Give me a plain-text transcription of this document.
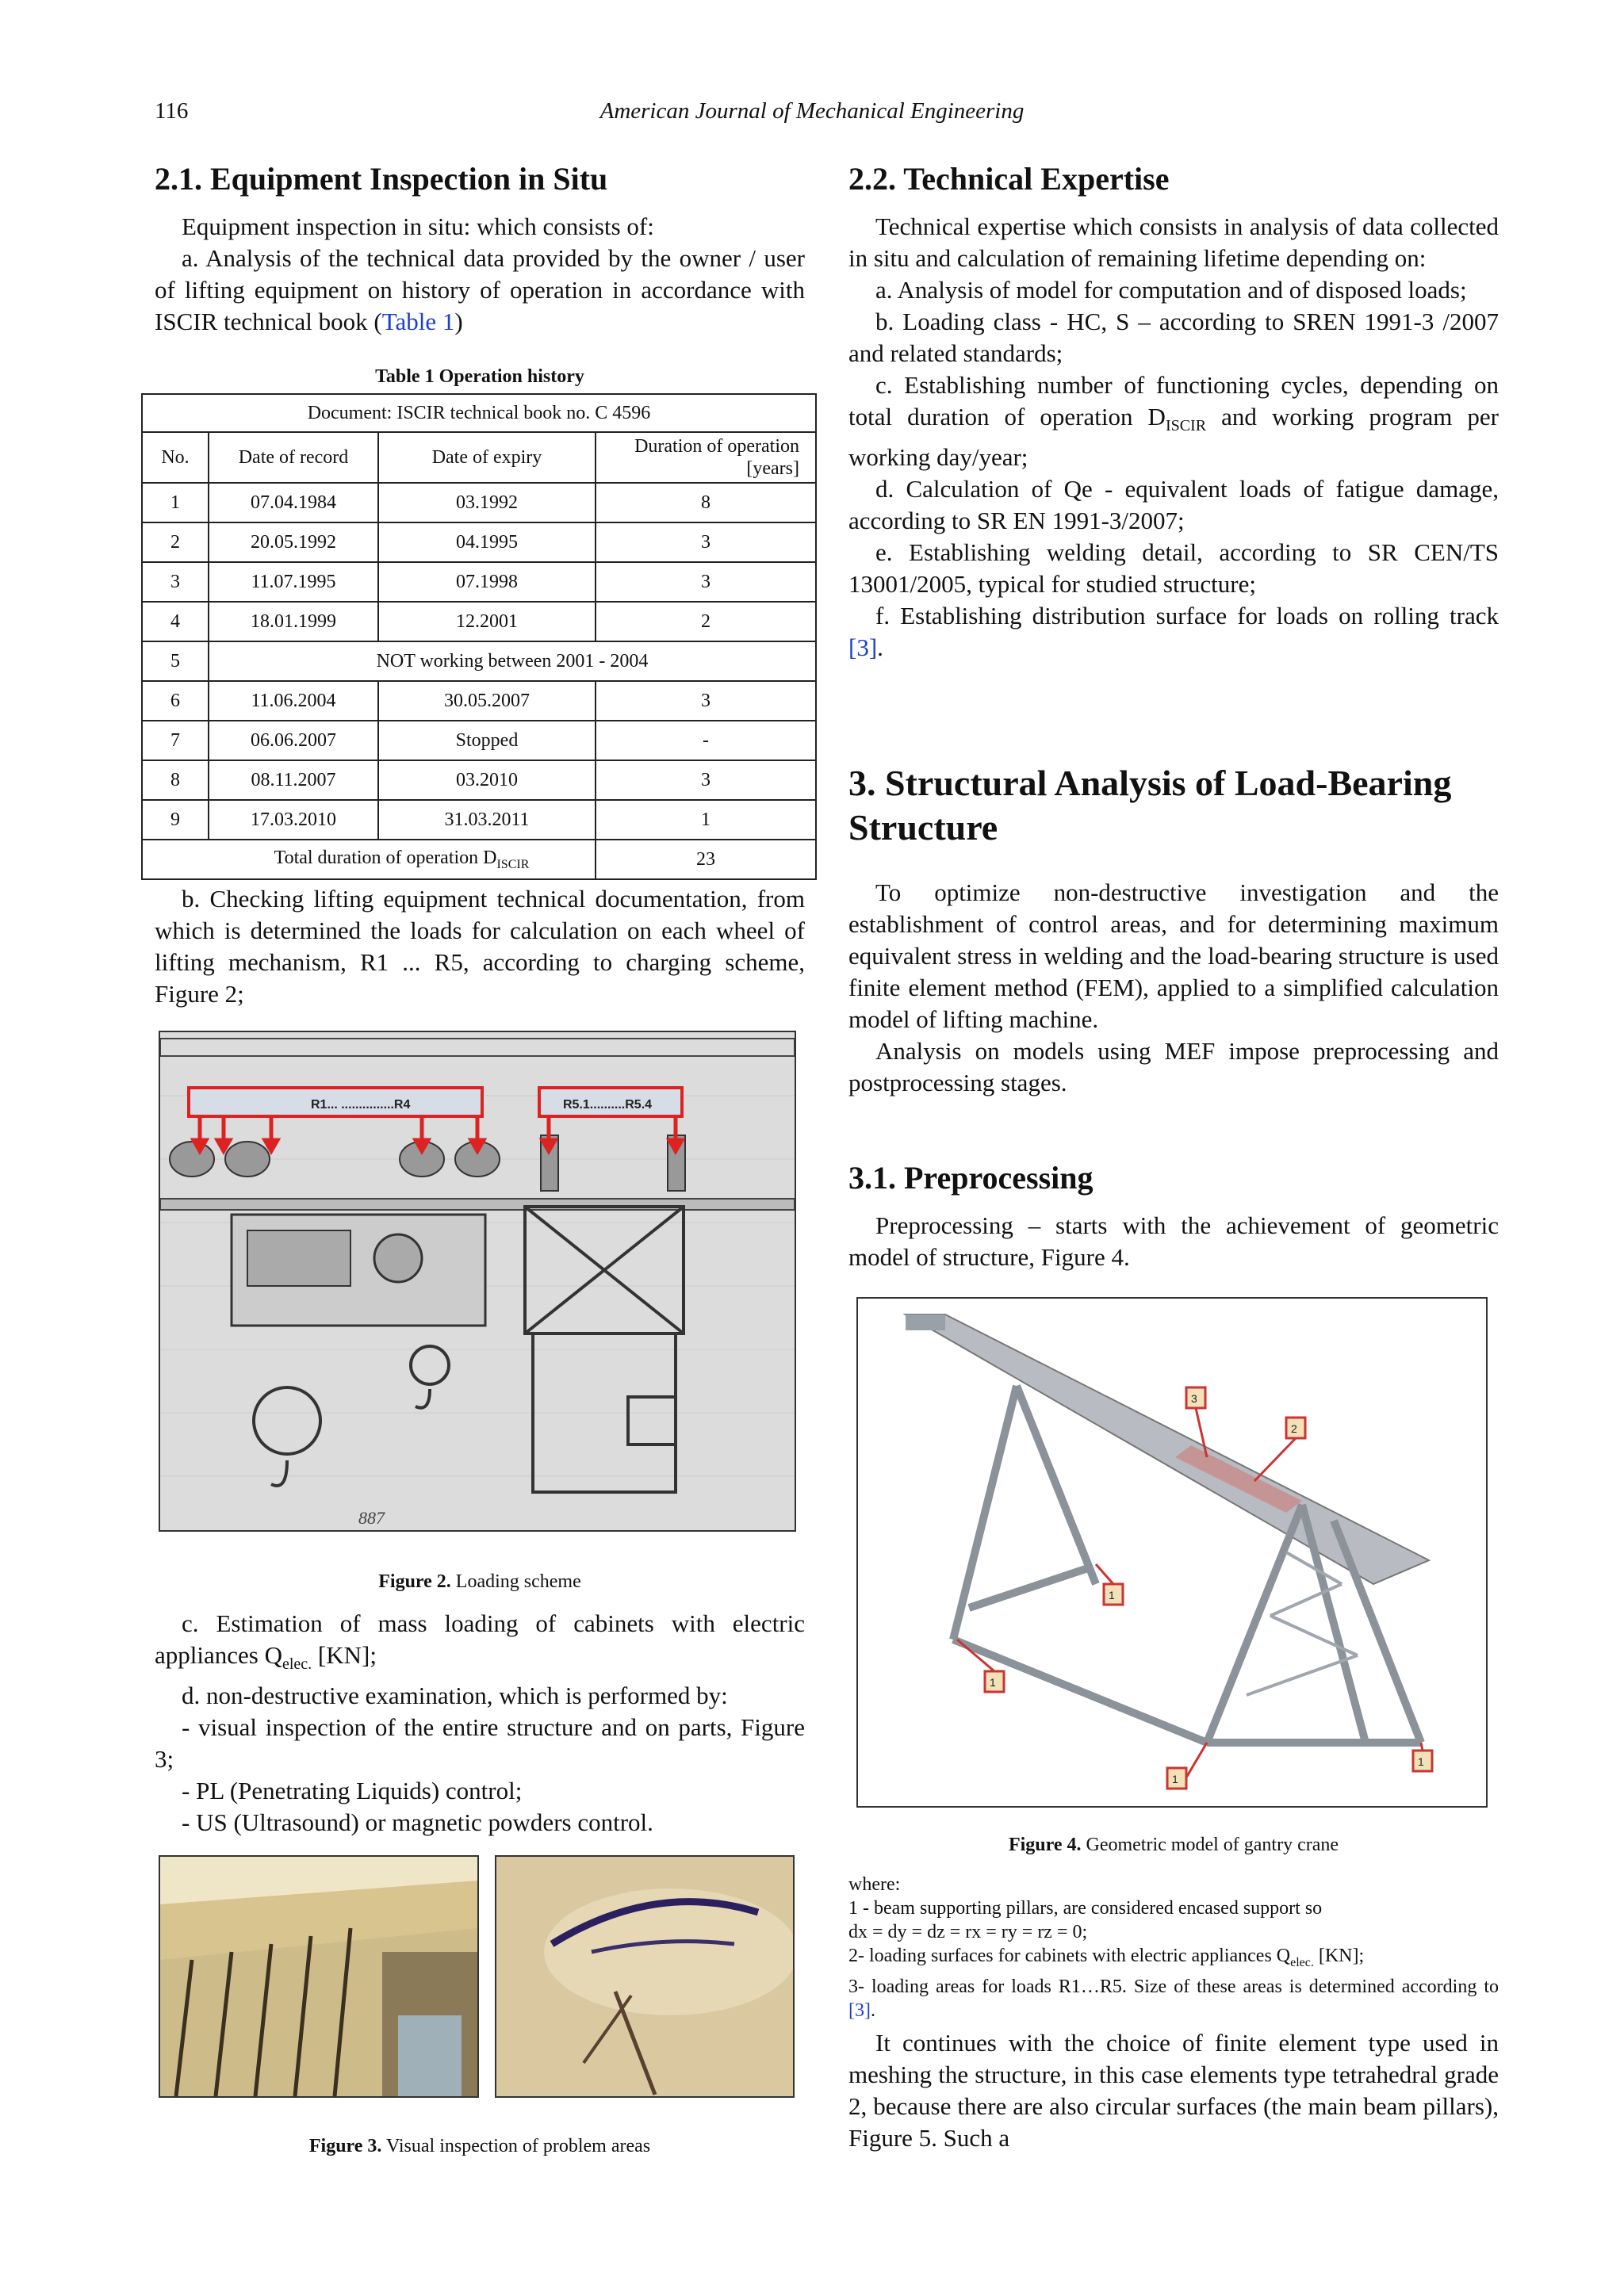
116	American Journal of Mechanical Engineering
2.1. Equipment Inspection in Situ

Equipment inspection in situ: which consists of:

a. Analysis of the technical data provided by the owner / user of lifting equipment on history of operation in accordance with ISCIR technical book (Table 1)

Table 1 Operation history
Document: ISCIR technical book no. C 4596			
No.	Date of record	Date of expiry	Duration of operation [years]
1	07.04.1984	03.1992	8
2	20.05.1992	04.1995	3
3	11.07.1995	07.1998	3
4	18.01.1999	12.2001	2
5	NOT working between 2001 - 2004		
6	11.06.2004	30.05.2007	3
7	06.06.2007	Stopped	-
8	08.11.2007	03.2010	3
9	17.03.2010	31.03.2011	1
	Total duration of operation $D_{ISCIR}$		23

b. Checking lifting equipment technical documentation, from which is determined the loads for calculation on each wheel of lifting mechanism, R1 ... R5, according to charging scheme, Figure 2;

R1... ...............R4	R5.1..........R5.4
887
Figure 2. Loading scheme

c. Estimation of mass loading of cabinets with electric appliances $Q_{elec.}$ [KN];

d. non-destructive examination, which is performed by:

- visual inspection of the entire structure and on parts, Figure 3;

- PL (Penetrating Liquids) control;

- US (Ultrasound) or magnetic powders control.

Figure 3. Visual inspection of problem areas
2.2. Technical Expertise

Technical expertise which consists in analysis of data collected in situ and calculation of remaining lifetime depending on:

a. Analysis of model for computation and of disposed loads;

b. Loading class - HC, S – according to SREN 1991-3 /2007 and related standards;

c. Establishing number of functioning cycles, depending on total duration of operation $D_{ISCIR}$ and working program per working day/year;

d. Calculation of Qe - equivalent loads of fatigue damage, according to SR EN 1991-3/2007;

e. Establishing welding detail, according to SR CEN/TS 13001/2005, typical for studied structure;

f. Establishing distribution surface for loads on rolling track [3].

3. Structural Analysis of Load-Bearing Structure

To optimize non-destructive investigation and the establishment of control areas, and for determining maximum equivalent stress in welding and the load-bearing structure is used finite element method (FEM), applied to a simplified calculation model of lifting machine.

Analysis on models using MEF impose preprocessing and postprocessing stages.

3.1. Preprocessing

Preprocessing – starts with the achievement of geometric model of structure, Figure 4.

3
2
1
1
1
1
Figure 4. Geometric model of gantry crane

where:

1 - beam supporting pillars, are considered encased support so

dx = dy = dz = rx = ry = rz = 0;

2- loading surfaces for cabinets with electric appliances $Q_{elec.}$ [KN];

3- loading areas for loads R1…R5. Size of these areas is determined according to [3].

It continues with the choice of finite element type used in meshing the structure, in this case elements type tetrahedral grade 2, because there are also circular surfaces (the main beam pillars), Figure 5. Such a
